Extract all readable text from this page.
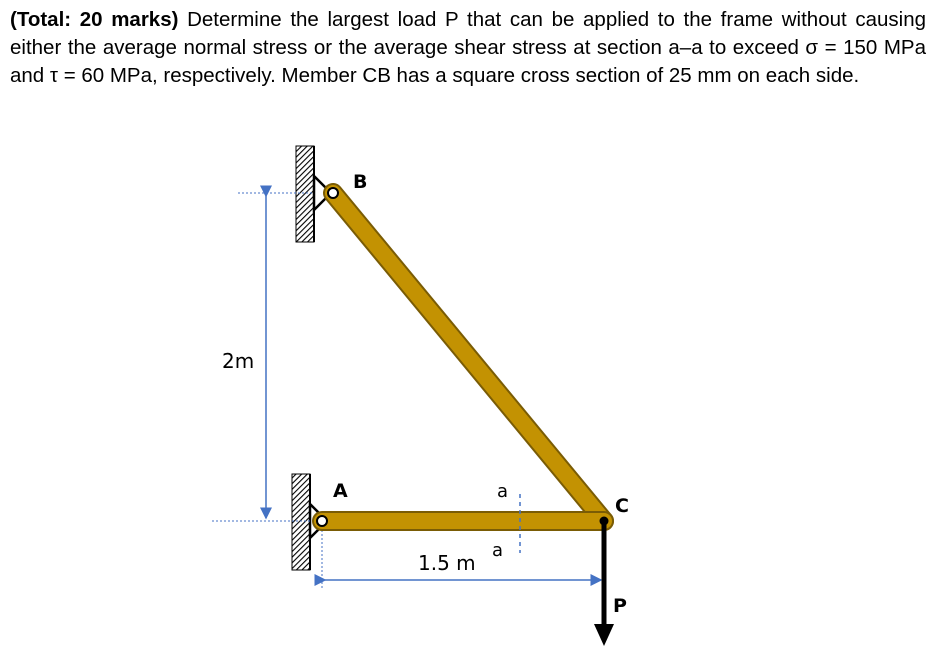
(Total: 20 marks) Determine the largest load P that can be applied to the frame without causing either the average normal stress or the average shear stress at section a–a to exceed σ = 150 MPa and τ = 60 MPa, respectively. Member CB has a square cross section of 25 mm on each side.
2m
1.5 m
a
a
B
A
C
P
